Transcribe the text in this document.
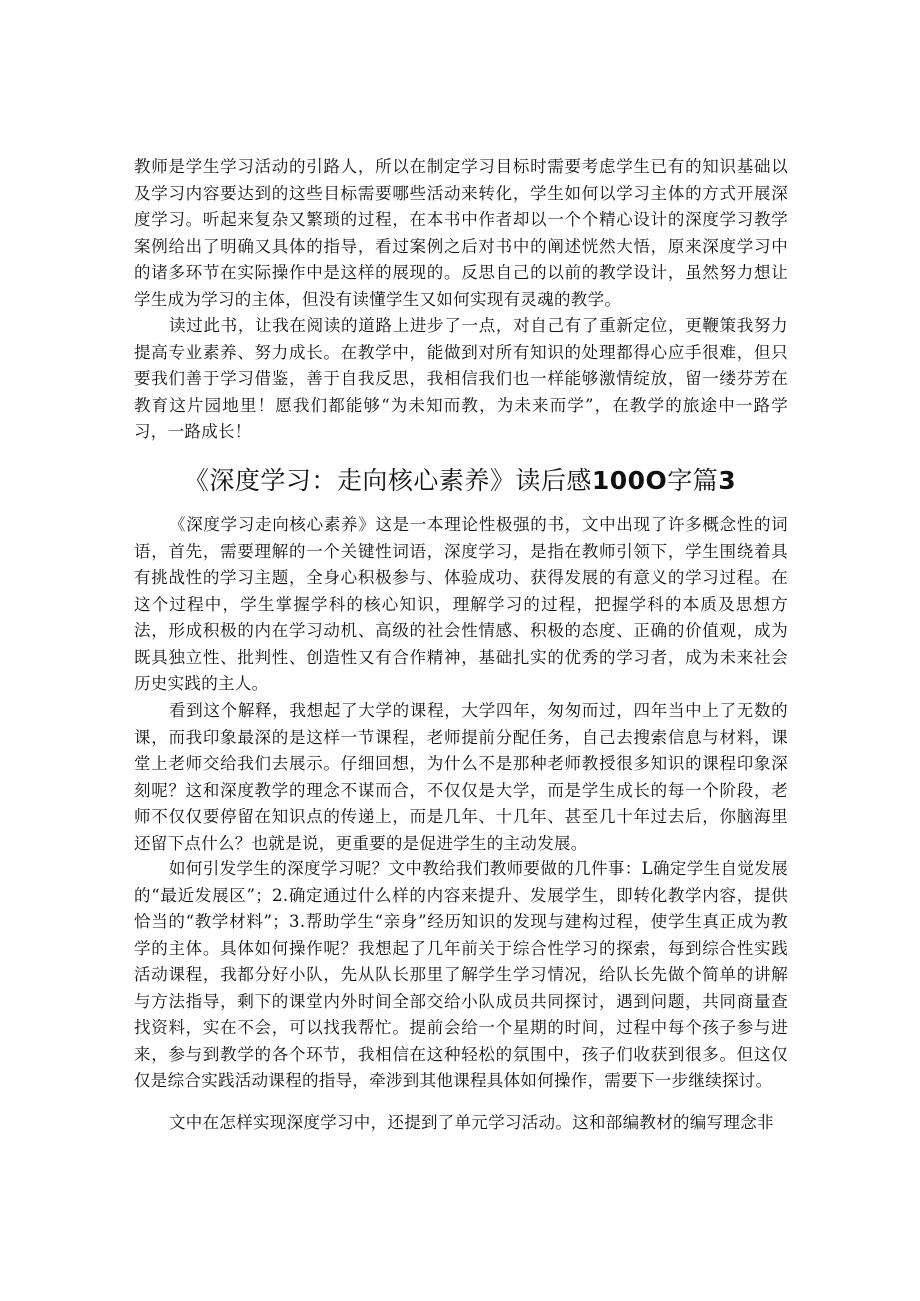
教师是学生学习活动的引路人，所以在制定学习目标时需要考虑学生已有的知识基础以及学习内容要达到的这些目标需要哪些活动来转化，学生如何以学习主体的方式开展深度学习。听起来复杂又繁琐的过程，在本书中作者却以一个个精心设计的深度学习教学案例给出了明确又具体的指导，看过案例之后对书中的阐述恍然大悟，原来深度学习中的诸多环节在实际操作中是这样的展现的。反思自己的以前的教学设计，虽然努力想让学生成为学习的主体，但没有读懂学生又如何实现有灵魂的教学。
读过此书，让我在阅读的道路上进步了一点，对自己有了重新定位，更鞭策我努力提高专业素养、努力成长。在教学中，能做到对所有知识的处理都得心应手很难，但只要我们善于学习借鉴，善于自我反思，我相信我们也一样能够激情绽放，留一缕芬芳在教育这片园地里！愿我们都能够“为未知而教，为未来而学”，在教学的旅途中一路学习，一路成长！
《深度学习：走向核心素养》读后感100O字篇3
《深度学习走向核心素养》这是一本理论性极强的书，文中出现了许多概念性的词语，首先，需要理解的一个关键性词语，深度学习，是指在教师引领下，学生围绕着具有挑战性的学习主题，全身心积极参与、体验成功、获得发展的有意义的学习过程。在这个过程中，学生掌握学科的核心知识，理解学习的过程，把握学科的本质及思想方法，形成积极的内在学习动机、高级的社会性情感、积极的态度、正确的价值观，成为既具独立性、批判性、创造性又有合作精神，基础扎实的优秀的学习者，成为未来社会历史实践的主人。
看到这个解释，我想起了大学的课程，大学四年，匆匆而过，四年当中上了无数的课，而我印象最深的是这样一节课程，老师提前分配任务，自己去搜索信息与材料，课堂上老师交给我们去展示。仔细回想，为什么不是那种老师教授很多知识的课程印象深刻呢？这和深度教学的理念不谋而合，不仅仅是大学，而是学生成长的每一个阶段，老师不仅仅要停留在知识点的传递上，而是几年、十几年、甚至几十年过去后，你脑海里还留下点什么？也就是说，更重要的是促进学生的主动发展。
如何引发学生的深度学习呢？文中教给我们教师要做的几件事：L确定学生自觉发展的“最近发展区”；2.确定通过什么样的内容来提升、发展学生，即转化教学内容，提供恰当的“教学材料”；3.帮助学生“亲身”经历知识的发现与建构过程，使学生真正成为教学的主体。具体如何操作呢？我想起了几年前关于综合性学习的探索，每到综合性实践活动课程，我都分好小队，先从队长那里了解学生学习情况，给队长先做个简单的讲解与方法指导，剩下的课堂内外时间全部交给小队成员共同探讨，遇到问题，共同商量查找资料，实在不会，可以找我帮忙。提前会给一个星期的时间，过程中每个孩子参与进来，参与到教学的各个环节，我相信在这种轻松的氛围中，孩子们收获到很多。但这仅仅是综合实践活动课程的指导，牵涉到其他课程具体如何操作，需要下一步继续探讨。
文中在怎样实现深度学习中，还提到了单元学习活动。这和部编教材的编写理念非
